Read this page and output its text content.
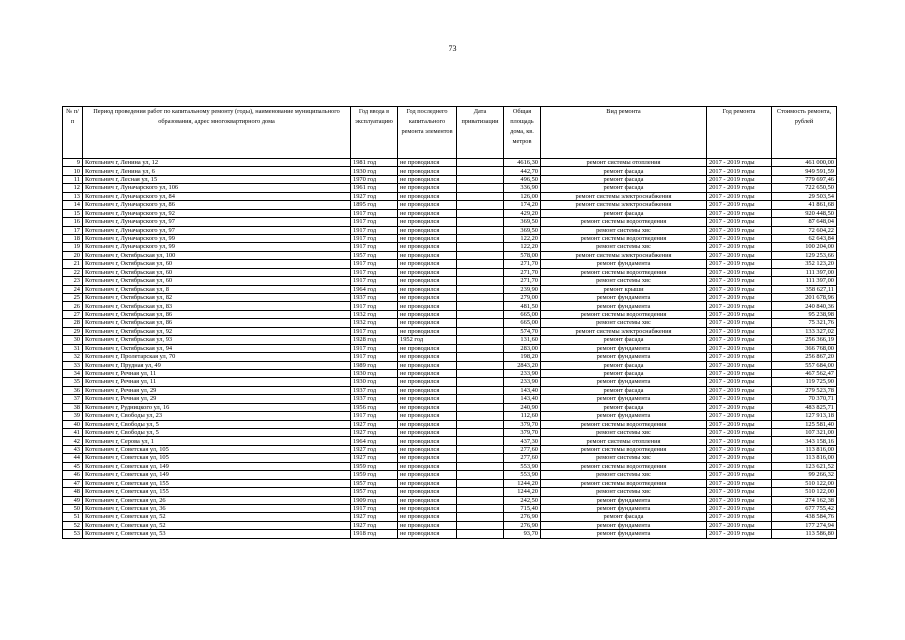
73
№ п/п	Период проведения работ по капитальному ремонту (годы), наименование муниципального образования, адрес многоквартирного дома	Год ввода в эксплуатацию	Год последнего капитального ремонта элементов	Дата приватизации	Общая площадь дома, кв. метров	Вид ремонта	Год ремонта	Стоимость ремонта, рублей
9	Котельнич г, Ленина ул, 12	1981 год	не проводился		4616,30	ремонт системы отопления	2017 - 2019 годы	461 000,00
10	Котельнич г, Ленина ул, 6	1930 год	не проводился		442,70	ремонт фасада	2017 - 2019 годы	949 591,59
11	Котельнич г, Лесная ул, 15	1970 год	не проводился		496,50	ремонт фасада	2017 - 2019 годы	779 697,46
12	Котельнич г, Луначарского ул, 106	1961 год	не проводился		336,90	ремонт фасада	2017 - 2019 годы	722 650,50
13	Котельнич г, Луначарского ул, 84	1927 год	не проводился		126,00	ремонт системы электроснабжения	2017 - 2019 годы	29 503,54
14	Котельнич г, Луначарского ул, 86	1895 год	не проводился		174,20	ремонт системы электроснабжения	2017 - 2019 годы	41 861,68
15	Котельнич г, Луначарского ул, 92	1917 год	не проводился		429,20	ремонт фасада	2017 - 2019 годы	920 448,50
16	Котельнич г, Луначарского ул, 97	1917 год	не проводился		369,50	ремонт системы водоотведения	2017 - 2019 годы	87 648,04
17	Котельнич г, Луначарского ул, 97	1917 год	не проводился		369,50	ремонт системы хвс	2017 - 2019 годы	72 604,22
18	Котельнич г, Луначарского ул, 99	1917 год	не проводился		122,20	ремонт системы водоотведения	2017 - 2019 годы	62 643,84
19	Котельнич г, Луначарского ул, 99	1917 год	не проводился		122,20	ремонт системы хвс	2017 - 2019 годы	100 204,00
20	Котельнич г, Октябрьская ул, 100	1957 год	не проводился		578,00	ремонт системы электроснабжения	2017 - 2019 годы	129 253,66
21	Котельнич г, Октябрьская ул, 60	1917 год	не проводился		271,70	ремонт фундамента	2017 - 2019 годы	352 123,20
22	Котельнич г, Октябрьская ул, 60	1917 год	не проводился		271,70	ремонт системы водоотведения	2017 - 2019 годы	111 397,00
23	Котельнич г, Октябрьская ул, 60	1917 год	не проводился		271,70	ремонт системы хвс	2017 - 2019 годы	111 397,00
24	Котельнич г, Октябрьская ул, 8	1964 год	не проводился		239,90	ремонт крыши	2017 - 2019 годы	358 627,11
25	Котельнич г, Октябрьская ул, 82	1937 год	не проводился		279,00	ремонт фундамента	2017 - 2019 годы	201 678,96
26	Котельнич г, Октябрьская ул, 83	1917 год	не проводился		481,50	ремонт фундамента	2017 - 2019 годы	240 840,36
27	Котельнич г, Октябрьская ул, 86	1932 год	не проводился		665,00	ремонт системы водоотведения	2017 - 2019 годы	95 238,98
28	Котельнич г, Октябрьская ул, 86	1932 год	не проводился		665,00	ремонт системы хвс	2017 - 2019 годы	75 321,76
29	Котельнич г, Октябрьская ул, 92	1917 год	не проводился		574,70	ремонт системы электроснабжения	2017 - 2019 годы	133 327,02
30	Котельнич г, Октябрьская ул, 93	1928 год	1952 год		131,60	ремонт фасада	2017 - 2019 годы	256 366,19
31	Котельнич г, Октябрьская ул, 94	1917 год	не проводился		283,00	ремонт фундамента	2017 - 2019 годы	366 768,00
32	Котельнич г, Пролетарская ул, 70	1917 год	не проводился		198,20	ремонт фундамента	2017 - 2019 годы	256 867,20
33	Котельнич г, Прудная ул, 49	1989 год	не проводился		2843,20	ремонт фасада	2017 - 2019 годы	557 684,00
34	Котельнич г, Речная ул, 11	1930 год	не проводился		233,90	ремонт фасада	2017 - 2019 годы	467 562,47
35	Котельнич г, Речная ул, 11	1930 год	не проводился		233,90	ремонт фундамента	2017 - 2019 годы	119 725,90
36	Котельнич г, Речная ул, 29	1937 год	не проводился		143,40	ремонт фасада	2017 - 2019 годы	279 523,78
37	Котельнич г, Речная ул, 29	1937 год	не проводился		143,40	ремонт фундамента	2017 - 2019 годы	70 370,71
38	Котельнич г, Рудницкого ул, 16	1956 год	не проводился		240,90	ремонт фасада	2017 - 2019 годы	483 825,71
39	Котельнич г, Свободы ул, 23	1917 год	не проводился		112,60	ремонт фундамента	2017 - 2019 годы	127 913,18
40	Котельнич г, Свободы ул, 5	1927 год	не проводился		379,70	ремонт системы водоотведения	2017 - 2019 годы	125 581,40
41	Котельнич г, Свободы ул, 5	1927 год	не проводился		379,70	ремонт системы хвс	2017 - 2019 годы	107 321,00
42	Котельнич г, Серова ул, 1	1964 год	не проводился		437,30	ремонт системы отопления	2017 - 2019 годы	343 158,16
43	Котельнич г, Советская ул, 105	1927 год	не проводился		277,60	ремонт системы водоотведения	2017 - 2019 годы	113 816,00
44	Котельнич г, Советская ул, 105	1927 год	не проводился		277,60	ремонт системы хвс	2017 - 2019 годы	113 816,00
45	Котельнич г, Советская ул, 149	1959 год	не проводился		553,90	ремонт системы водоотведения	2017 - 2019 годы	123 621,52
46	Котельнич г, Советская ул, 149	1959 год	не проводился		553,90	ремонт системы хвс	2017 - 2019 годы	99 266,32
47	Котельнич г, Советская ул, 155	1957 год	не проводился		1244,20	ремонт системы водоотведения	2017 - 2019 годы	510 122,00
48	Котельнич г, Советская ул, 155	1957 год	не проводился		1244,20	ремонт системы хвс	2017 - 2019 годы	510 122,00
49	Котельнич г, Советская ул, 26	1909 год	не проводился		242,50	ремонт фундамента	2017 - 2019 годы	274 162,38
50	Котельнич г, Советская ул, 36	1917 год	не проводился		715,40	ремонт фундамента	2017 - 2019 годы	677 755,42
51	Котельнич г, Советская ул, 52	1927 год	не проводился		276,90	ремонт фасада	2017 - 2019 годы	438 584,76
52	Котельнич г, Советская ул, 52	1927 год	не проводился		276,90	ремонт фундамента	2017 - 2019 годы	177 274,94
53	Котельнич г, Советская ул, 53	1918 год	не проводился		93,70	ремонт фундамента	2017 - 2019 годы	113 586,80
